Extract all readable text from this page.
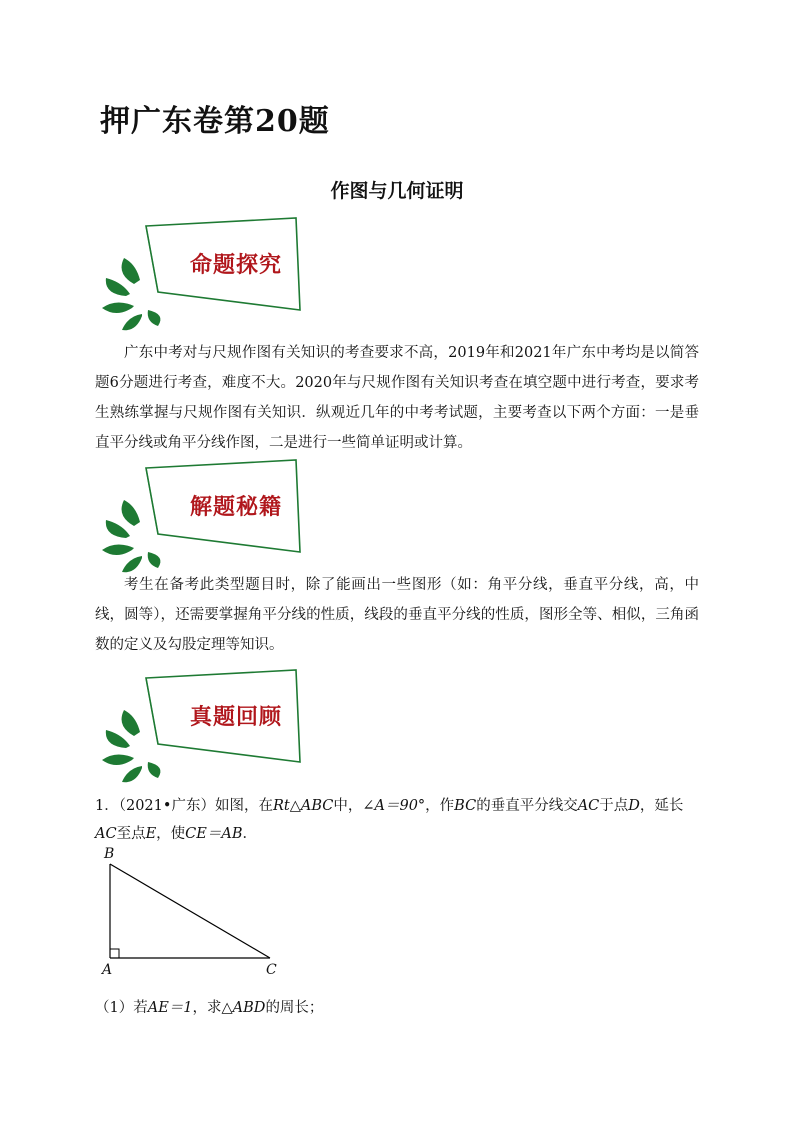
押广东卷第20题
作图与几何证明
命题探究
广东中考对与尺规作图有关知识的考查要求不高，2019年和2021年广东中考均是以简答题6分题进行考查，难度不大。2020年与尺规作图有关知识考查在填空题中进行考查，要求考生熟练掌握与尺规作图有关知识．纵观近几年的中考考试题，主要考查以下两个方面：一是垂直平分线或角平分线作图，二是进行一些简单证明或计算。
解题秘籍
考生在备考此类型题目时，除了能画出一些图形（如：角平分线，垂直平分线，高，中线，圆等），还需要掌握角平分线的性质，线段的垂直平分线的性质，图形全等、相似，三角函数的定义及勾股定理等知识。
真题回顾
1．（2021•广东）如图，在Rt△ABC中，∠A＝90°，作BC的垂直平分线交AC于点D，延长AC至点E，使CE＝AB．
B
A	C
（1）若AE＝1，求△ABD的周长；
